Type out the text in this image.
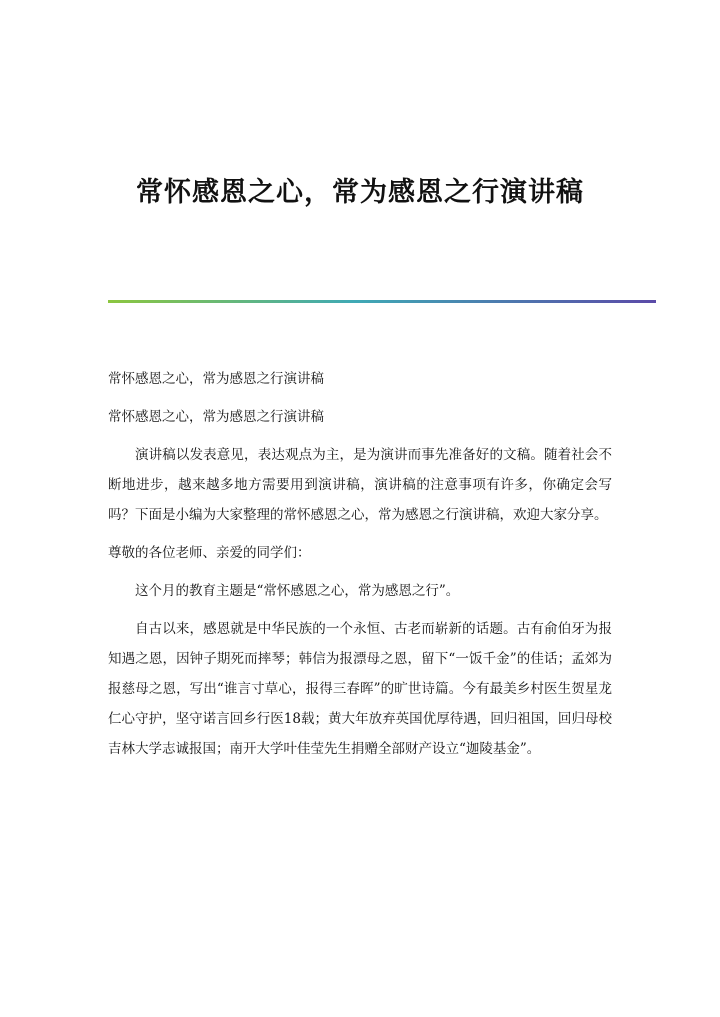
常怀感恩之心，常为感恩之行演讲稿

常怀感恩之心，常为感恩之行演讲稿

常怀感恩之心，常为感恩之行演讲稿

演讲稿以发表意见，表达观点为主，是为演讲而事先准备好的文稿。随着社会不断地进步，越来越多地方需要用到演讲稿，演讲稿的注意事项有许多，你确定会写吗？下面是小编为大家整理的常怀感恩之心，常为感恩之行演讲稿，欢迎大家分享。

尊敬的各位老师、亲爱的同学们：

这个月的教育主题是“常怀感恩之心，常为感恩之行”。

自古以来，感恩就是中华民族的一个永恒、古老而崭新的话题。古有俞伯牙为报知遇之恩，因钟子期死而摔琴；韩信为报漂母之恩，留下“一饭千金”的佳话；孟郊为报慈母之恩，写出“谁言寸草心，报得三春晖”的旷世诗篇。今有最美乡村医生贺星龙仁心守护，坚守诺言回乡行医18载；黄大年放弃英国优厚待遇，回归祖国，回归母校吉林大学志诚报国；南开大学叶佳莹先生捐赠全部财产设立“迦陵基金”。
